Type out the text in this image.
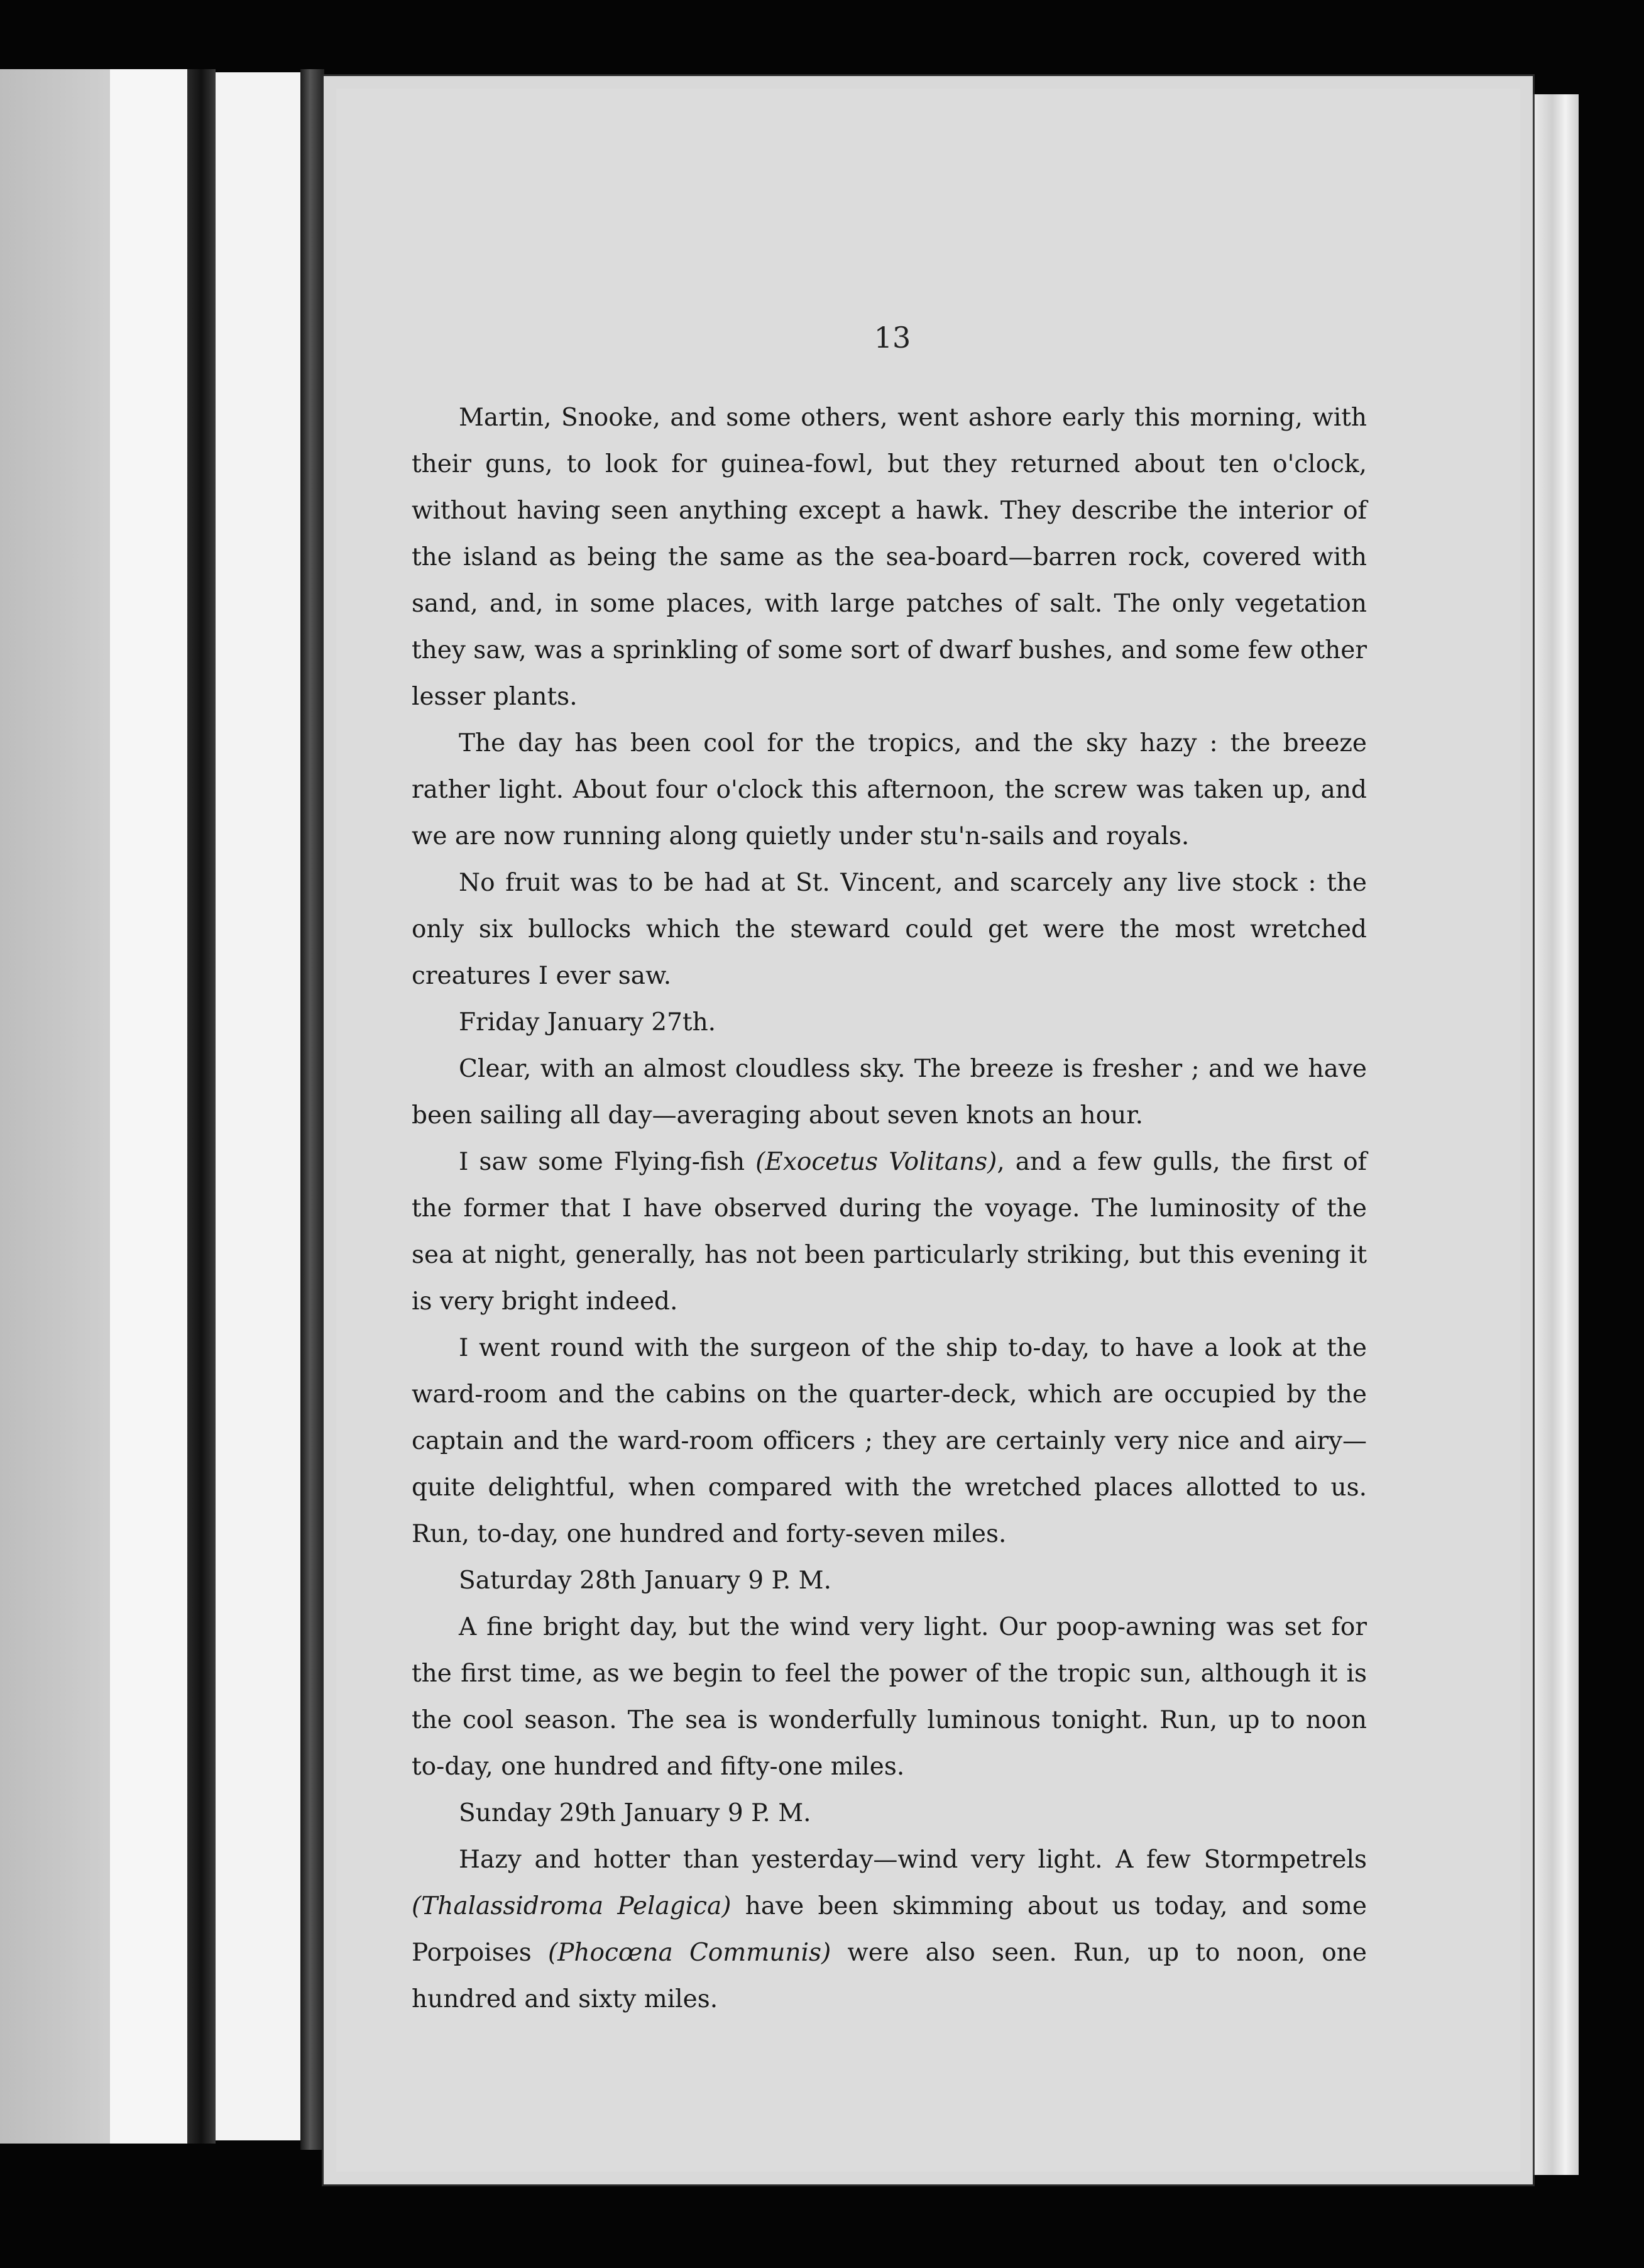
13

Martin, Snooke, and some others, went ashore early this morning, with their guns, to look for guinea-fowl, but they returned about ten o'clock, without having seen anything except a hawk. They describe the interior of the island as being the same as the sea-board—barren rock, covered with sand, and, in some places, with large patches of salt. The only vegetation they saw, was a sprinkling of some sort of dwarf bushes, and some few other lesser plants.

The day has been cool for the tropics, and the sky hazy : the breeze rather light. About four o'clock this afternoon, the screw was taken up, and we are now running along quietly under stu'n-sails and royals.

No fruit was to be had at St. Vincent, and scarcely any live stock : the only six bullocks which the steward could get were the most wretched creatures I ever saw.

Friday January 27th.

Clear, with an almost cloudless sky. The breeze is fresher ; and we have been sailing all day—averaging about seven knots an hour.

I saw some Flying-fish (Exocetus Volitans), and a few gulls, the first of the former that I have observed during the voyage. The luminosity of the sea at night, generally, has not been particularly striking, but this evening it is very bright indeed.

I went round with the surgeon of the ship to-day, to have a look at the ward-room and the cabins on the quarter-deck, which are occupied by the captain and the ward-room officers ; they are certainly very nice and airy—quite delightful, when compared with the wretched places allotted to us. Run, to-day, one hundred and forty-seven miles.

Saturday 28th January 9 P. M.

A fine bright day, but the wind very light. Our poop-awning was set for the first time, as we begin to feel the power of the tropic sun, although it is the cool season. The sea is wonderfully luminous tonight. Run, up to noon to-day, one hundred and fifty-one miles.

Sunday 29th January 9 P. M.

Hazy and hotter than yesterday—wind very light. A few Stormpetrels (Thalassidroma Pelagica) have been skimming about us today, and some Porpoises (Phocœna Communis) were also seen. Run, up to noon, one hundred and sixty miles.
